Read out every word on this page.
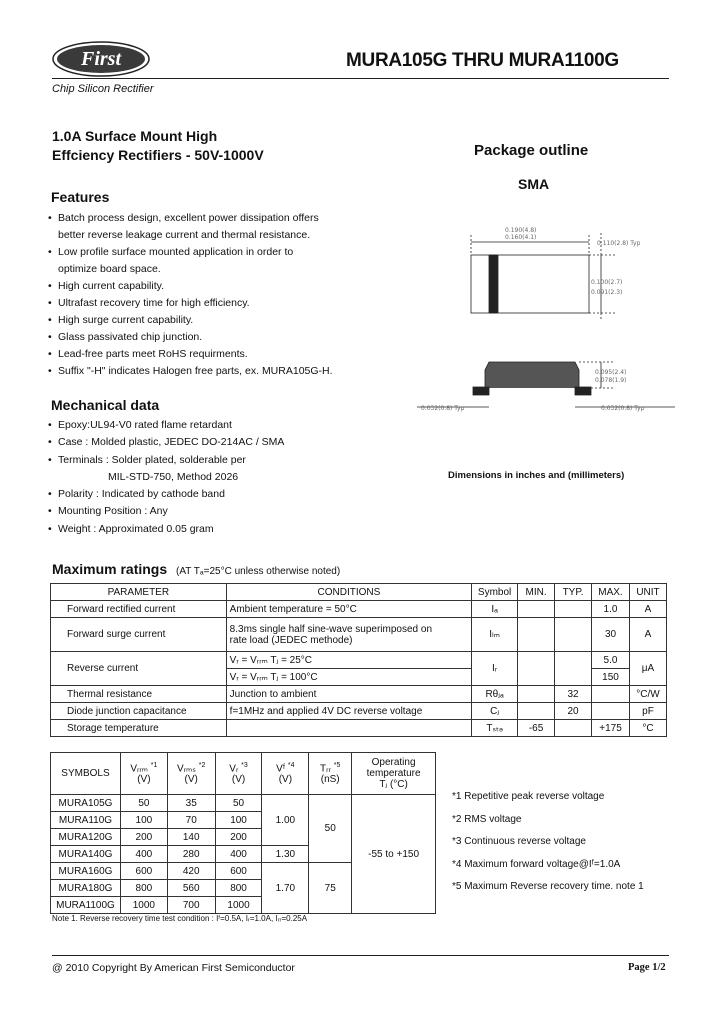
First	MURA105G THRU MURA1100G
Chip Silicon Rectifier
1.0A Surface Mount High
Effciency Rectifiers - 50V-1000V	Package outline
SMA
0.190(4.8)
0.160(4.1)
0.110(2.8) Typ
0.100(2.7)
0.091(2.3)
0.095(2.4)
0.078(1.9)
0.032(0.8) Typ	0.032(0.8) Typ
Dimensions in inches and (millimeters)
Features
• Batch process design, excellent power dissipation offers
better reverse leakage current and thermal resistance.
• Low profile surface mounted application in order to
optimize board space.
• High current capability.
• Ultrafast recovery time for high efficiency.
• High surge current capability.
• Glass passivated chip junction.
• Lead-free parts meet RoHS requirments.
• Suffix "-H" indicates Halogen free parts, ex. MURA105G-H.
Mechanical data
• Epoxy:UL94-V0 rated flame retardant
• Case : Molded plastic, JEDEC DO-214AC / SMA
• Terminals : Solder plated, solderable per
MIL-STD-750, Method 2026
• Polarity : Indicated by cathode band
• Mounting Position : Any
• Weight : Approximated 0.05 gram
Maximum ratings (AT Tₐ=25°C unless otherwise noted)
PARAMETER	CONDITIONS	Symbol	MIN.	TYP.	MAX.	UNIT
Forward rectified current	Ambient temperature = 50°C	Iₐ			1.0	A
Forward surge current	8.3ms single half sine-wave superimposed on
rate load (JEDEC methode)	Iₗₘ			30	A
Reverse current	Vᵣ = Vᵣᵣₘ Tⱼ = 25°C	Iᵣ			5.0	μA
	Vᵣ = Vᵣᵣₘ Tⱼ = 100°C				150	
Thermal resistance	Junction to ambient	Rθⱼₐ		32		°C/W
Diode junction capacitance	f=1MHz and applied 4V DC reverse voltage	Cⱼ		20		pF
Storage temperature		Tₛₜₔ	-65		+175	°C
SYMBOLS	Vᵣᵣₘ $^{*1}$
(V)	Vᵣₘₛ $^{*2}$
(V)	Vᵣ $^{*3}$
(V)	Vᶠ $^{*4}$
(V)	Tᵣᵣ $^{*5}$
(nS)	Operating
temperature
Tⱼ (°C)
MURA105G	50	35	50	1.00	50	-55 to +150
MURA110G	100	70	100			
MURA120G	200	140	200			
MURA140G	400	280	400	1.30		
MURA160G	600	420	600	1.70	75	
MURA180G	800	560	800			
MURA1100G	1000	700	1000			
*1 Repetitive peak reverse voltage
*2 RMS voltage
*3 Continuous reverse voltage
*4 Maximum forward voltage@Iᶠ=1.0A
*5 Maximum Reverse recovery time. note 1
Note 1. Reverse recovery time test condition : Iᶠ=0.5A, Iᵣ=1.0A, Iᵣᵣ=0.25A
@ 2010 Copyright By American First Semiconductor	Page 1/2
